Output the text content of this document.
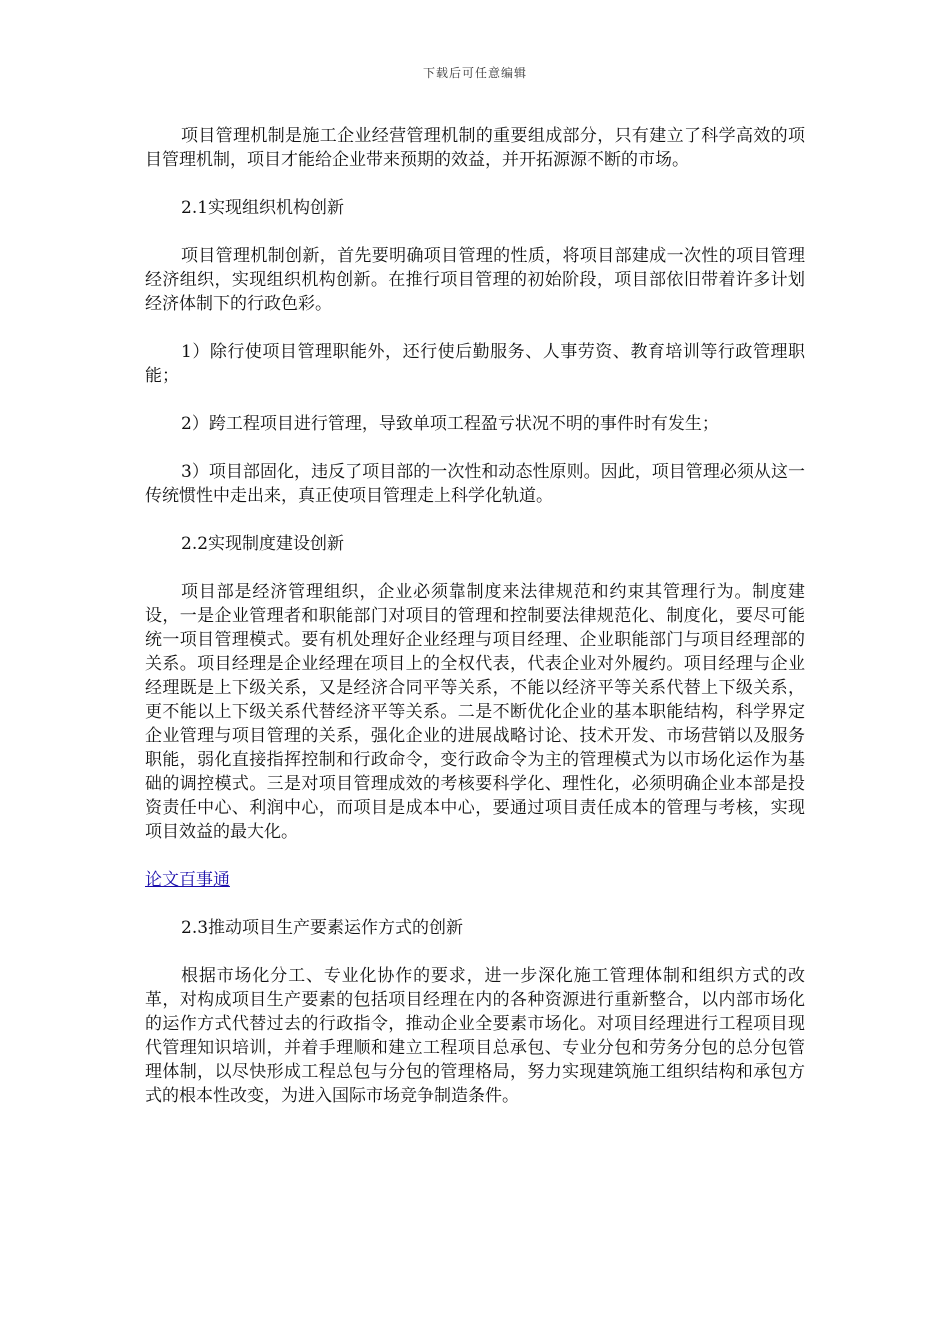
下载后可任意编辑

项目管理机制是施工企业经营管理机制的重要组成部分，只有建立了科学高效的项目管理机制，项目才能给企业带来预期的效益，并开拓源源不断的市场。

2.1实现组织机构创新

项目管理机制创新，首先要明确项目管理的性质，将项目部建成一次性的项目管理经济组织，实现组织机构创新。在推行项目管理的初始阶段，项目部依旧带着许多计划经济体制下的行政色彩。

1）除行使项目管理职能外，还行使后勤服务、人事劳资、教育培训等行政管理职能；

2）跨工程项目进行管理，导致单项工程盈亏状况不明的事件时有发生；

3）项目部固化，违反了项目部的一次性和动态性原则。因此，项目管理必须从这一传统惯性中走出来，真正使项目管理走上科学化轨道。

2.2实现制度建设创新

项目部是经济管理组织，企业必须靠制度来法律规范和约束其管理行为。制度建设，一是企业管理者和职能部门对项目的管理和控制要法律规范化、制度化，要尽可能统一项目管理模式。要有机处理好企业经理与项目经理、企业职能部门与项目经理部的关系。项目经理是企业经理在项目上的全权代表，代表企业对外履约。项目经理与企业经理既是上下级关系，又是经济合同平等关系，不能以经济平等关系代替上下级关系，更不能以上下级关系代替经济平等关系。二是不断优化企业的基本职能结构，科学界定企业管理与项目管理的关系，强化企业的进展战略讨论、技术开发、市场营销以及服务职能，弱化直接指挥控制和行政命令，变行政命令为主的管理模式为以市场化运作为基础的调控模式。三是对项目管理成效的考核要科学化、理性化，必须明确企业本部是投资责任中心、利润中心，而项目是成本中心，要通过项目责任成本的管理与考核，实现项目效益的最大化。

论文百事通

2.3推动项目生产要素运作方式的创新

根据市场化分工、专业化协作的要求，进一步深化施工管理体制和组织方式的改革，对构成项目生产要素的包括项目经理在内的各种资源进行重新整合，以内部市场化的运作方式代替过去的行政指令，推动企业全要素市场化。对项目经理进行工程项目现代管理知识培训，并着手理顺和建立工程项目总承包、专业分包和劳务分包的总分包管理体制，以尽快形成工程总包与分包的管理格局，努力实现建筑施工组织结构和承包方式的根本性改变，为进入国际市场竞争制造条件。
